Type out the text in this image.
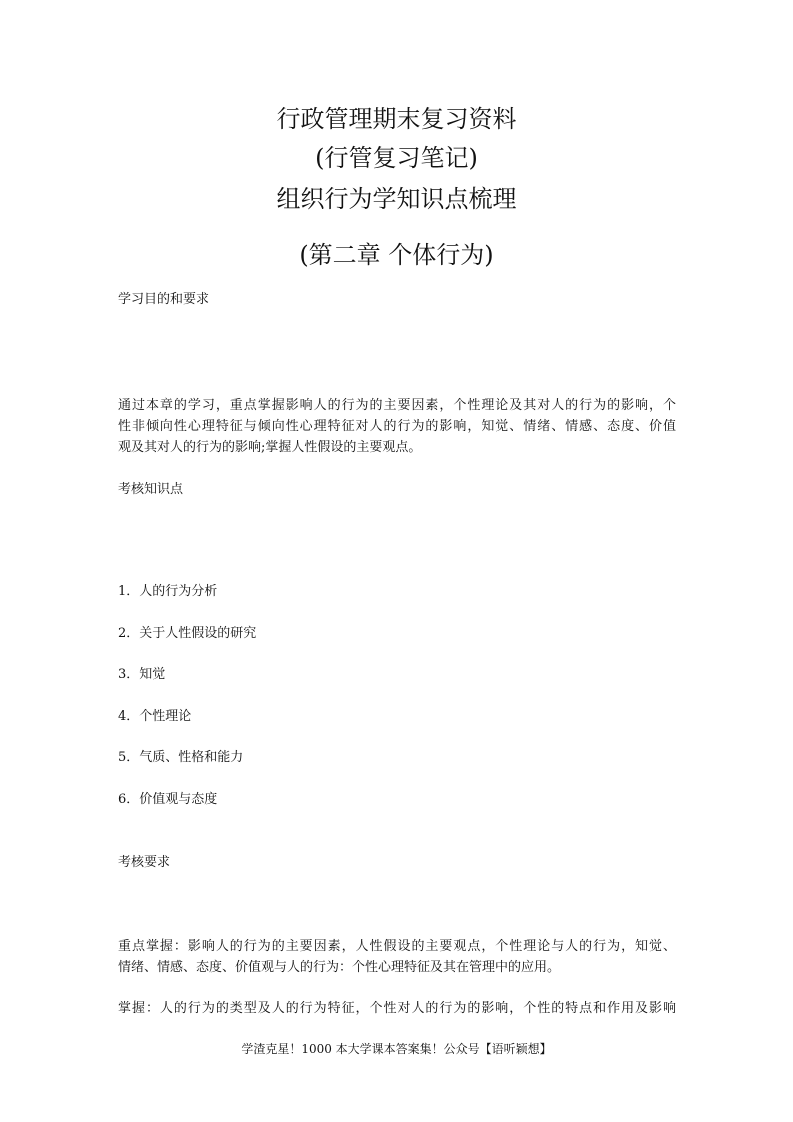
行政管理期末复习资料
(行管复习笔记)
组织行为学知识点梳理
(第二章 个体行为)
学习目的和要求
通过本章的学习，重点掌握影响人的行为的主要因素，个性理论及其对人的行为的影响，个
性非倾向性心理特征与倾向性心理特征对人的行为的影响，知觉、情绪、情感、态度、价值
观及其对人的行为的影响;掌握人性假设的主要观点。
考核知识点
1．人的行为分析
2．关于人性假设的研究
3．知觉
4．个性理论
5．气质、性格和能力
6．价值观与态度
考核要求
重点掌握：影响人的行为的主要因素，人性假设的主要观点，个性理论与人的行为，知觉、
情绪、情感、态度、价值观与人的行为：个性心理特征及其在管理中的应用。
掌握：人的行为的类型及人的行为特征，个性对人的行为的影响，个性的特点和作用及影响
学渣克星！1000 本大学课本答案集！公众号【语听颖想】
